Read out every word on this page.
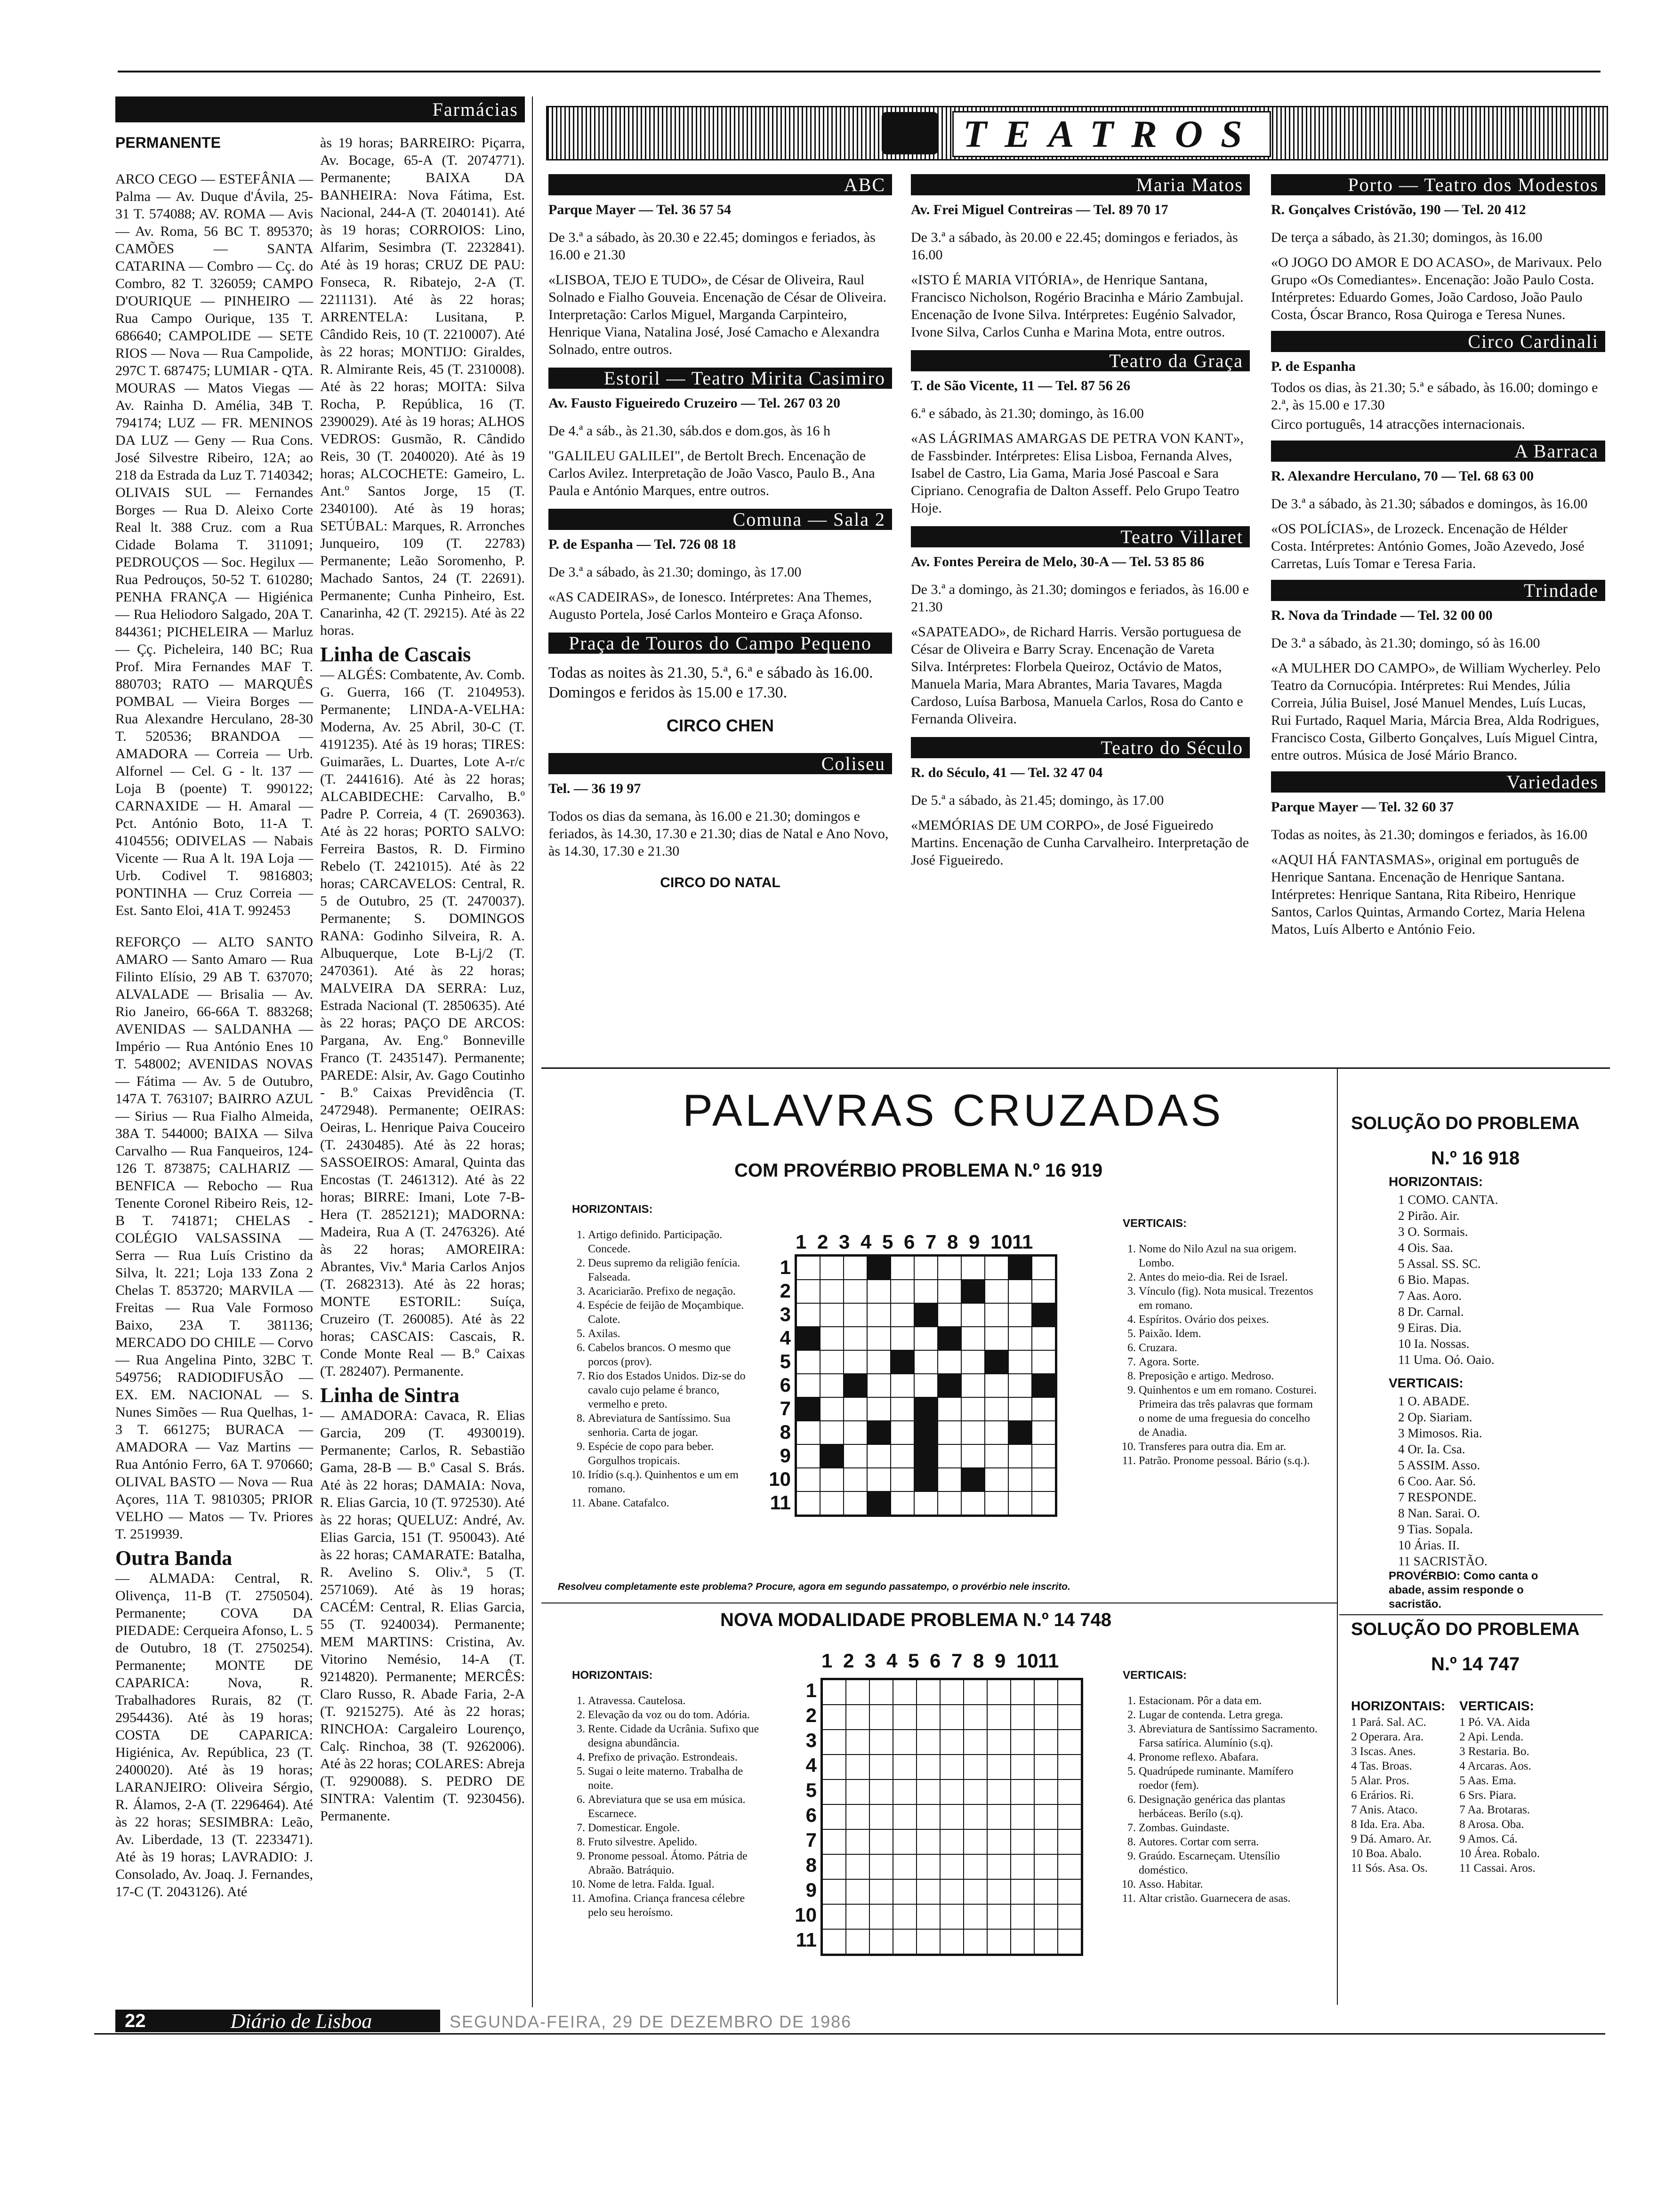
Farmácias
PERMANENTE

ARCO CEGO — ESTEFÂNIA — Palma — Av. Duque d'Ávila, 25-31 T. 574088; AV. ROMA — Avis — Av. Roma, 56 BC T. 895370; CAMÕES — SANTA CATARINA — Combro — Cç. do Combro, 82 T. 326059; CAMPO D'OURIQUE — PINHEIRO — Rua Campo Ourique, 135 T. 686640; CAMPOLIDE — SETE RIOS — Nova — Rua Campolide, 297C T. 687475; LUMIAR - QTA. MOURAS — Matos Viegas — Av. Rainha D. Amélia, 34B T. 794174; LUZ — FR. MENINOS DA LUZ — Geny — Rua Cons. José Silvestre Ribeiro, 12A; ao 218 da Estrada da Luz T. 7140342; OLIVAIS SUL — Fernandes Borges — Rua D. Aleixo Corte Real lt. 388 Cruz. com a Rua Cidade Bolama T. 311091; PEDROUÇOS — Soc. Hegilux — Rua Pedrouços, 50-52 T. 610280; PENHA FRANÇA — Higiénica — Rua Heliodoro Salgado, 20A T. 844361; PICHELEIRA — Marluz — Çç. Picheleira, 140 BC; Rua Prof. Mira Fernandes MAF T. 880703; RATO — MARQUÊS POMBAL — Vieira Borges — Rua Alexandre Herculano, 28-30 T. 520536; BRANDOA — AMADORA — Correia — Urb. Alfornel — Cel. G - lt. 137 — Loja B (poente) T. 990122; CARNAXIDE — H. Amaral — Pct. António Boto, 11-A T. 4104556; ODIVELAS — Nabais Vicente — Rua A lt. 19A Loja — Urb. Codivel T. 9816803; PONTINHA — Cruz Correia — Est. Santo Eloi, 41A T. 992453

REFORÇO — ALTO SANTO AMARO — Santo Amaro — Rua Filinto Elísio, 29 AB T. 637070; ALVALADE — Brisalia — Av. Rio Janeiro, 66-66A T. 883268; AVENIDAS — SALDANHA — Império — Rua António Enes 10 T. 548002; AVENIDAS NOVAS — Fátima — Av. 5 de Outubro, 147A T. 763107; BAIRRO AZUL — Sirius — Rua Fialho Almeida, 38A T. 544000; BAIXA — Silva Carvalho — Rua Fanqueiros, 124-126 T. 873875; CALHARIZ — BENFICA — Rebocho — Rua Tenente Coronel Ribeiro Reis, 12-B T. 741871; CHELAS - COLÉGIO VALSASSINA — Serra — Rua Luís Cristino da Silva, lt. 221; Loja 133 Zona 2 Chelas T. 853720; MARVILA — Freitas — Rua Vale Formoso Baixo, 23A T. 381136; MERCADO DO CHILE — Corvo — Rua Angelina Pinto, 32BC T. 549756; RADIODIFUSÃO — EX. EM. NACIONAL — S. Nunes Simões — Rua Quelhas, 1-3 T. 661275; BURACA — AMADORA — Vaz Martins — Rua António Ferro, 6A T. 970660; OLIVAL BASTO — Nova — Rua Açores, 11A T. 9810305; PRIOR VELHO — Matos — Tv. Priores T. 2519939.

Outra Banda

— ALMADA: Central, R. Olivença, 11-B (T. 2750504). Permanente; COVA DA PIEDADE: Cerqueira Afonso, L. 5 de Outubro, 18 (T. 2750254). Permanente; MONTE DE CAPARICA: Nova, R. Trabalhadores Rurais, 82 (T. 2954436). Até às 19 horas; COSTA DE CAPARICA: Higiénica, Av. República, 23 (T. 2400020). Até às 19 horas; LARANJEIRO: Oliveira Sérgio, R. Álamos, 2-A (T. 2296464). Até às 22 horas; SESIMBRA: Leão, Av. Liberdade, 13 (T. 2233471). Até às 19 horas; LAVRADIO: J. Consolado, Av. Joaq. J. Fernandes, 17-C (T. 2043126). Até

às 19 horas; BARREIRO: Piçarra, Av. Bocage, 65-A (T. 2074771). Permanente; BAIXA DA BANHEIRA: Nova Fátima, Est. Nacional, 244-A (T. 2040141). Até às 19 horas; CORROIOS: Lino, Alfarim, Sesimbra (T. 2232841). Até às 19 horas; CRUZ DE PAU: Fonseca, R. Ribatejo, 2-A (T. 2211131). Até às 22 horas; ARRENTELA: Lusitana, P. Cândido Reis, 10 (T. 2210007). Até às 22 horas; MONTIJO: Giraldes, R. Almirante Reis, 45 (T. 2310008). Até às 22 horas; MOITA: Silva Rocha, P. República, 16 (T. 2390029). Até às 19 horas; ALHOS VEDROS: Gusmão, R. Cândido Reis, 30 (T. 2040020). Até às 19 horas; ALCOCHETE: Gameiro, L. Ant.º Santos Jorge, 15 (T. 2340100). Até às 19 horas; SETÚBAL: Marques, R. Arronches Junqueiro, 109 (T. 22783) Permanente; Leão Soromenho, P. Machado Santos, 24 (T. 22691). Permanente; Cunha Pinheiro, Est. Canarinha, 42 (T. 29215). Até às 22 horas.

Linha de Cascais

— ALGÉS: Combatente, Av. Comb. G. Guerra, 166 (T. 2104953). Permanente; LINDA-A-VELHA: Moderna, Av. 25 Abril, 30-C (T. 4191235). Até às 19 horas; TIRES: Guimarães, L. Duartes, Lote A-r/c (T. 2441616). Até às 22 horas; ALCABIDECHE: Carvalho, B.º Padre P. Correia, 4 (T. 2690363). Até às 22 horas; PORTO SALVO: Ferreira Bastos, R. D. Firmino Rebelo (T. 2421015). Até às 22 horas; CARCAVELOS: Central, R. 5 de Outubro, 25 (T. 2470037). Permanente; S. DOMINGOS RANA: Godinho Silveira, R. A. Albuquerque, Lote B-Lj/2 (T. 2470361). Até às 22 horas; MALVEIRA DA SERRA: Luz, Estrada Nacional (T. 2850635). Até às 22 horas; PAÇO DE ARCOS: Pargana, Av. Eng.º Bonneville Franco (T. 2435147). Permanente; PAREDE: Alsir, Av. Gago Coutinho - B.º Caixas Previdência (T. 2472948). Permanente; OEIRAS: Oeiras, L. Henrique Paiva Couceiro (T. 2430485). Até às 22 horas; SASSOEIROS: Amaral, Quinta das Encostas (T. 2461312). Até às 22 horas; BIRRE: Imani, Lote 7-B-Hera (T. 2852121); MADORNA: Madeira, Rua A (T. 2476326). Até às 22 horas; AMOREIRA: Abrantes, Viv.ª Maria Carlos Anjos (T. 2682313). Até às 22 horas; MONTE ESTORIL: Suíça, Cruzeiro (T. 260085). Até às 22 horas; CASCAIS: Cascais, R. Conde Monte Real — B.º Caixas (T. 282407). Permanente.

Linha de Sintra

— AMADORA: Cavaca, R. Elias Garcia, 209 (T. 4930019). Permanente; Carlos, R. Sebastião Gama, 28-B — B.º Casal S. Brás. Até às 22 horas; DAMAIA: Nova, R. Elias Garcia, 10 (T. 972530). Até às 22 horas; QUELUZ: André, Av. Elias Garcia, 151 (T. 950043). Até às 22 horas; CAMARATE: Batalha, R. Avelino S. Oliv.ª, 5 (T. 2571069). Até às 19 horas; CACÉM: Central, R. Elias Garcia, 55 (T. 9240034). Permanente; MEM MARTINS: Cristina, Av. Vitorino Nemésio, 14-A (T. 9214820). Permanente; MERCÊS: Claro Russo, R. Abade Faria, 2-A (T. 9215275). Até às 22 horas; RINCHOA: Cargaleiro Lourenço, Calç. Rinchoa, 38 (T. 9262006). Até às 22 horas; COLARES: Abreja (T. 9290088). S. PEDRO DE SINTRA: Valentim (T. 9230456). Permanente.

TEATROS
ABC
Parque Mayer — Tel. 36 57 54

De 3.ª a sábado, às 20.30 e 22.45; domingos e feriados, às 16.00 e 21.30

«LISBOA, TEJO E TUDO», de César de Oliveira, Raul Solnado e Fialho Gouveia. Encenação de César de Oliveira. Interpretação: Carlos Miguel, Marganda Carpinteiro, Henrique Viana, Natalina José, José Camacho e Alexandra Solnado, entre outros.

Estoril — Teatro Mirita Casimiro
Av. Fausto Figueiredo Cruzeiro — Tel. 267 03 20

De 4.ª a sáb., às 21.30, sáb.dos e dom.gos, às 16 h

"GALILEU GALILEI", de Bertolt Brech. Encenação de Carlos Avilez. Interpretação de João Vasco, Paulo B., Ana Paula e António Marques, entre outros.

Comuna — Sala 2
P. de Espanha — Tel. 726 08 18

De 3.ª a sábado, às 21.30; domingo, às 17.00

«AS CADEIRAS», de Ionesco. Intérpretes: Ana Themes, Augusto Portela, José Carlos Monteiro e Graça Afonso.

Praça de Touros do Campo Pequeno

Todas as noites às 21.30, 5.ª, 6.ª e sábado às 16.00. Domingos e feridos às 15.00 e 17.30.

CIRCO CHEN
Coliseu
Tel. — 36 19 97

Todos os dias da semana, às 16.00 e 21.30; domingos e feriados, às 14.30, 17.30 e 21.30; dias de Natal e Ano Novo, às 14.30, 17.30 e 21.30

CIRCO DO NATAL
Maria Matos
Av. Frei Miguel Contreiras — Tel. 89 70 17

De 3.ª a sábado, às 20.00 e 22.45; domingos e feriados, às 16.00

«ISTO É MARIA VITÓRIA», de Henrique Santana, Francisco Nicholson, Rogério Bracinha e Mário Zambujal. Encenação de Ivone Silva. Intérpretes: Eugénio Salvador, Ivone Silva, Carlos Cunha e Marina Mota, entre outros.

Teatro da Graça
T. de São Vicente, 11 — Tel. 87 56 26

6.ª e sábado, às 21.30; domingo, às 16.00

«AS LÁGRIMAS AMARGAS DE PETRA VON KANT», de Fassbinder. Intérpretes: Elisa Lisboa, Fernanda Alves, Isabel de Castro, Lia Gama, Maria José Pascoal e Sara Cipriano. Cenografia de Dalton Asseff. Pelo Grupo Teatro Hoje.

Teatro Villaret
Av. Fontes Pereira de Melo, 30-A — Tel. 53 85 86

De 3.ª a domingo, às 21.30; domingos e feriados, às 16.00 e 21.30

«SAPATEADO», de Richard Harris. Versão portuguesa de César de Oliveira e Barry Scray. Encenação de Vareta Silva. Intérpretes: Florbela Queiroz, Octávio de Matos, Manuela Maria, Mara Abrantes, Maria Tavares, Magda Cardoso, Luísa Barbosa, Manuela Carlos, Rosa do Canto e Fernanda Oliveira.

Teatro do Século
R. do Século, 41 — Tel. 32 47 04

De 5.ª a sábado, às 21.45; domingo, às 17.00

«MEMÓRIAS DE UM CORPO», de José Figueiredo Martins. Encenação de Cunha Carvalheiro. Interpretação de José Figueiredo.

Porto — Teatro dos Modestos
R. Gonçalves Cristóvão, 190 — Tel. 20 412

De terça a sábado, às 21.30; domingos, às 16.00

«O JOGO DO AMOR E DO ACASO», de Marivaux. Pelo Grupo «Os Comediantes». Encenação: João Paulo Costa. Intérpretes: Eduardo Gomes, João Cardoso, João Paulo Costa, Óscar Branco, Rosa Quiroga e Teresa Nunes.

Circo Cardinali
P. de Espanha

Todos os dias, às 21.30; 5.ª e sábado, às 16.00; domingo e 2.ª, às 15.00 e 17.30

Circo português, 14 atracções internacionais.

A Barraca
R. Alexandre Herculano, 70 — Tel. 68 63 00

De 3.ª a sábado, às 21.30; sábados e domingos, às 16.00

«OS POLÍCIAS», de Lrozeck. Encenação de Hélder Costa. Intérpretes: António Gomes, João Azevedo, José Carretas, Luís Tomar e Teresa Faria.

Trindade
R. Nova da Trindade — Tel. 32 00 00

De 3.ª a sábado, às 21.30; domingo, só às 16.00

«A MULHER DO CAMPO», de William Wycherley. Pelo Teatro da Cornucópia. Intérpretes: Rui Mendes, Júlia Correia, Júlia Buisel, José Manuel Mendes, Luís Lucas, Rui Furtado, Raquel Maria, Márcia Brea, Alda Rodrigues, Francisco Costa, Gilberto Gonçalves, Luís Miguel Cintra, entre outros. Música de José Mário Branco.

Variedades
Parque Mayer — Tel. 32 60 37

Todas as noites, às 21.30; domingos e feriados, às 16.00

«AQUI HÁ FANTASMAS», original em português de Henrique Santana. Encenação de Henrique Santana. Intérpretes: Henrique Santana, Rita Ribeiro, Henrique Santos, Carlos Quintas, Armando Cortez, Maria Helena Matos, Luís Alberto e António Feio.

PALAVRAS CRUZADAS
COM PROVÉRBIO PROBLEMA N.º 16 919
HORIZONTAIS:
1. Artigo definido. Participação. Concede.
2. Deus supremo da religião fenícia. Falseada.
3. Acariciarão. Prefixo de negação.
4. Espécie de feijão de Moçambique. Calote.
5. Axilas.
6. Cabelos brancos. O mesmo que porcos (prov).
7. Rio dos Estados Unidos. Diz-se do cavalo cujo pelame é branco, vermelho e preto.
8. Abreviatura de Santíssimo. Sua senhoria. Carta de jogar.
9. Espécie de copo para beber. Gorgulhos tropicais.
10. Irídio (s.q.). Quinhentos e um em romano.
11. Abane. Catafalco.
1 2 3 4 5 6 7 8 9 10 11
1
2
3
4
5
6
7
8
9
10
11
VERTICAIS:
1. Nome do Nilo Azul na sua origem. Lombo.
2. Antes do meio-dia. Rei de Israel.
3. Vínculo (fig). Nota musical. Trezentos em romano.
4. Espíritos. Ovário dos peixes.
5. Paixão. Idem.
6. Cruzara.
7. Agora. Sorte.
8. Preposição e artigo. Medroso.
9. Quinhentos e um em romano. Costurei. Primeira das três palavras que formam o nome de uma freguesia do concelho de Anadia.
10. Transferes para outra dia. Em ar.
11. Patrão. Pronome pessoal. Bário (s.q.).
Resolveu completamente este problema? Procure, agora em segundo passatempo, o provérbio nele inscrito.
NOVA MODALIDADE PROBLEMA N.º 14 748
HORIZONTAIS:
1. Atravessa. Cautelosa.
2. Elevação da voz ou do tom. Adória.
3. Rente. Cidade da Ucrânia. Sufixo que designa abundância.
4. Prefixo de privação. Estrondeais.
5. Sugai o leite materno. Trabalha de noite.
6. Abreviatura que se usa em música. Escarnece.
7. Domesticar. Engole.
8. Fruto silvestre. Apelido.
9. Pronome pessoal. Átomo. Pátria de Abraão. Batráquio.
10. Nome de letra. Falda. Igual.
11. Amofina. Criança francesa célebre pelo seu heroísmo.
1 2 3 4 5 6 7 8 9 10 11
1
2
3
4
5
6
7
8
9
10
11
VERTICAIS:
1. Estacionam. Pôr a data em.
2. Lugar de contenda. Letra grega.
3. Abreviatura de Santíssimo Sacramento. Farsa satírica. Alumínio (s.q).
4. Pronome reflexo. Abafara.
5. Quadrúpede ruminante. Mamífero roedor (fem).
6. Designação genérica das plantas herbáceas. Berílo (s.q).
7. Zombas. Guindaste.
8. Autores. Cortar com serra.
9. Graúdo. Escarneçam. Utensílio doméstico.
10. Asso. Habitar.
11. Altar cristão. Guarnecera de asas.
SOLUÇÃO DO PROBLEMA
N.º 16 918
HORIZONTAIS:
1 COMO. CANTA.
2 Pirão. Air.
3 O. Sormais.
4 Ois. Saa.
5 Assal. SS. SC.
6 Bio. Mapas.
7 Aas. Aoro.
8 Dr. Carnal.
9 Eiras. Dia.
10 Ia. Nossas.
11 Uma. Oó. Oaio.
VERTICAIS:
1 O. ABADE.
2 Op. Siariam.
3 Mimosos. Ria.
4 Or. Ia. Csa.
5 ASSIM. Asso.
6 Coo. Aar. Só.
7 RESPONDE.
8 Nan. Sarai. O.
9 Tias. Sopala.
10 Árias. II.
11 SACRISTÃO.
PROVÉRBIO: Como canta o abade, assim responde o sacristão.
SOLUÇÃO DO PROBLEMA
N.º 14 747
HORIZONTAIS:
1 Pará. Sal. AC.
2 Operara. Ara.
3 Iscas. Anes.
4 Tas. Broas.
5 Alar. Pros.
6 Erários. Ri.
7 Anis. Ataco.
8 Ida. Era. Aba.
9 Dá. Amaro. Ar.
10 Boa. Abalo.
11 Sós. Asa. Os.
VERTICAIS:
1 Pó. VA. Aida
2 Api. Lenda.
3 Restaria. Bo.
4 Arcaras. Aos.
5 Aas. Ema.
6 Srs. Piara.
7 Aa. Brotaras.
8 Arosa. Oba.
9 Amos. Cá.
10 Área. Robalo.
11 Cassai. Aros.
22	Diário de Lisboa	SEGUNDA-FEIRA, 29 DE DEZEMBRO DE 1986
